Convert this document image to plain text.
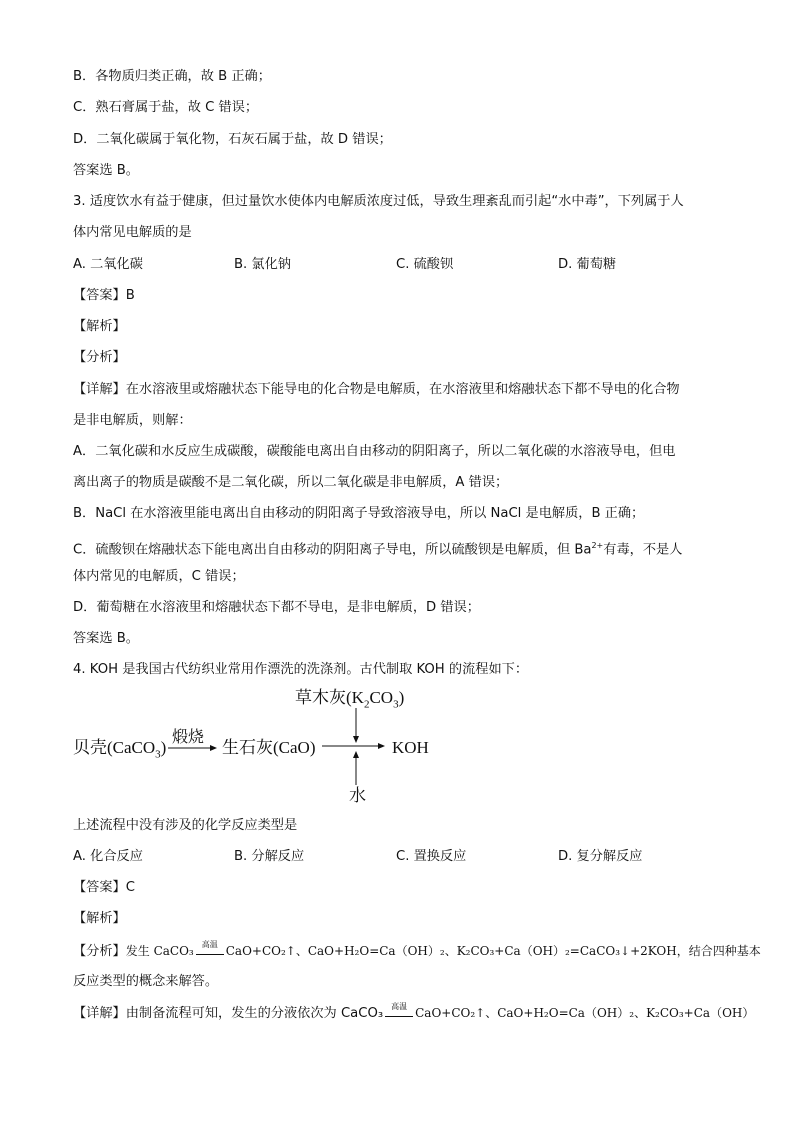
B．各物质归类正确，故 B 正确；
C．熟石膏属于盐，故 C 错误；
D．二氧化碳属于氧化物，石灰石属于盐，故 D 错误；
答案选 B。
3. 适度饮水有益于健康，但过量饮水使体内电解质浓度过低，导致生理紊乱而引起“水中毒”，下列属于人
体内常见电解质的是
A. 二氧化碳	B. 氯化钠	C. 硫酸钡	D. 葡萄糖
【答案】B
【解析】
【分析】
【详解】在水溶液里或熔融状态下能导电的化合物是电解质，在水溶液里和熔融状态下都不导电的化合物
是非电解质，则解：
A．二氧化碳和水反应生成碳酸，碳酸能电离出自由移动的阴阳离子，所以二氧化碳的水溶液导电，但电
离出离子的物质是碳酸不是二氧化碳，所以二氧化碳是非电解质，A 错误；
B．NaCl 在水溶液里能电离出自由移动的阴阳离子导致溶液导电，所以 NaCl 是电解质，B 正确；
C．硫酸钡在熔融状态下能电离出自由移动的阴阳离子导电，所以硫酸钡是电解质，但 $Ba^{2+}$有毒，不是人
体内常见的电解质，C 错误；
D．葡萄糖在水溶液里和熔融状态下都不导电，是非电解质，D 错误；
答案选 B。
4. KOH 是我国古代纺织业常用作漂洗的洗涤剂。古代制取 KOH 的流程如下：
草木灰$(K_2CO_3)$
贝壳(CaCO$_3$)
煅烧
生石灰(CaO)	KOH
水
上述流程中没有涉及的化学反应类型是
A. 化合反应	B. 分解反应	C. 置换反应	D. 复分解反应
【答案】C
【解析】
【分析】发生 CaCO₃	高温 CaO+CO₂↑、CaO+H₂O=Ca（OH）₂、K₂CO₃+Ca（OH）₂=CaCO₃↓+2KOH，结合四种基本
反应类型的概念来解答。
【详解】由制备流程可知，发生的分液依次为 CaCO₃	高温 CaO+CO₂↑、CaO+H₂O=Ca（OH）₂、K₂CO₃+Ca（OH）
